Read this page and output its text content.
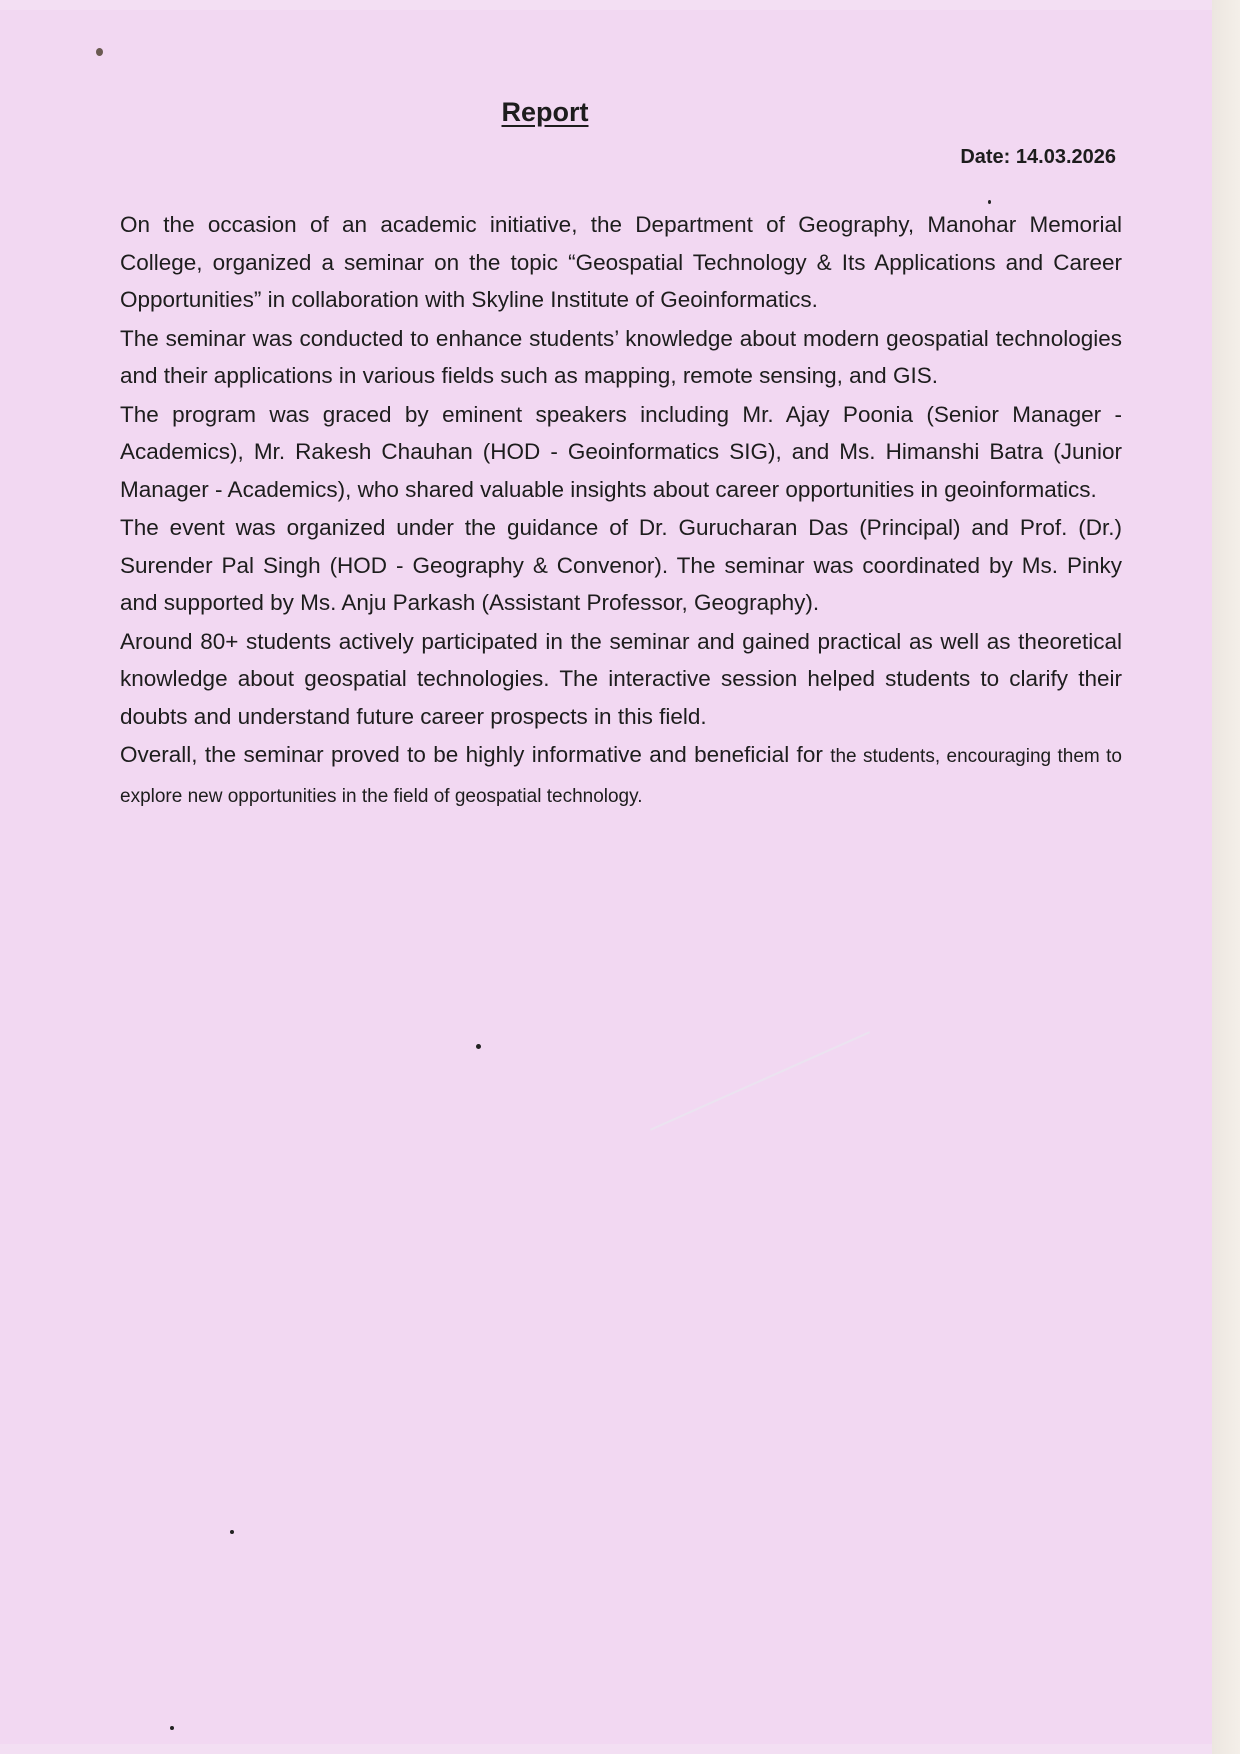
Report
Date: 14.03.2026

On the occasion of an academic initiative, the Department of Geography, Manohar Memorial College, organized a seminar on the topic “Geospatial Technology & Its Applications and Career Opportunities” in collaboration with Skyline Institute of Geoinformatics.

The seminar was conducted to enhance students’ knowledge about modern geospatial technologies and their applications in various fields such as mapping, remote sensing, and GIS.

The program was graced by eminent speakers including Mr. Ajay Poonia (Senior Manager - Academics), Mr. Rakesh Chauhan (HOD - Geoinformatics SIG), and Ms. Himanshi Batra (Junior Manager - Academics), who shared valuable insights about career opportunities in geoinformatics.

The event was organized under the guidance of Dr. Gurucharan Das (Principal) and Prof. (Dr.) Surender Pal Singh (HOD - Geography & Convenor). The seminar was coordinated by Ms. Pinky and supported by Ms. Anju Parkash (Assistant Professor, Geography).

Around 80+ students actively participated in the seminar and gained practical as well as theoretical knowledge about geospatial technologies. The interactive session helped students to clarify their doubts and understand future career prospects in this field.

Overall, the seminar proved to be highly informative and beneficial for the students, encouraging them to explore new opportunities in the field of geospatial technology.
